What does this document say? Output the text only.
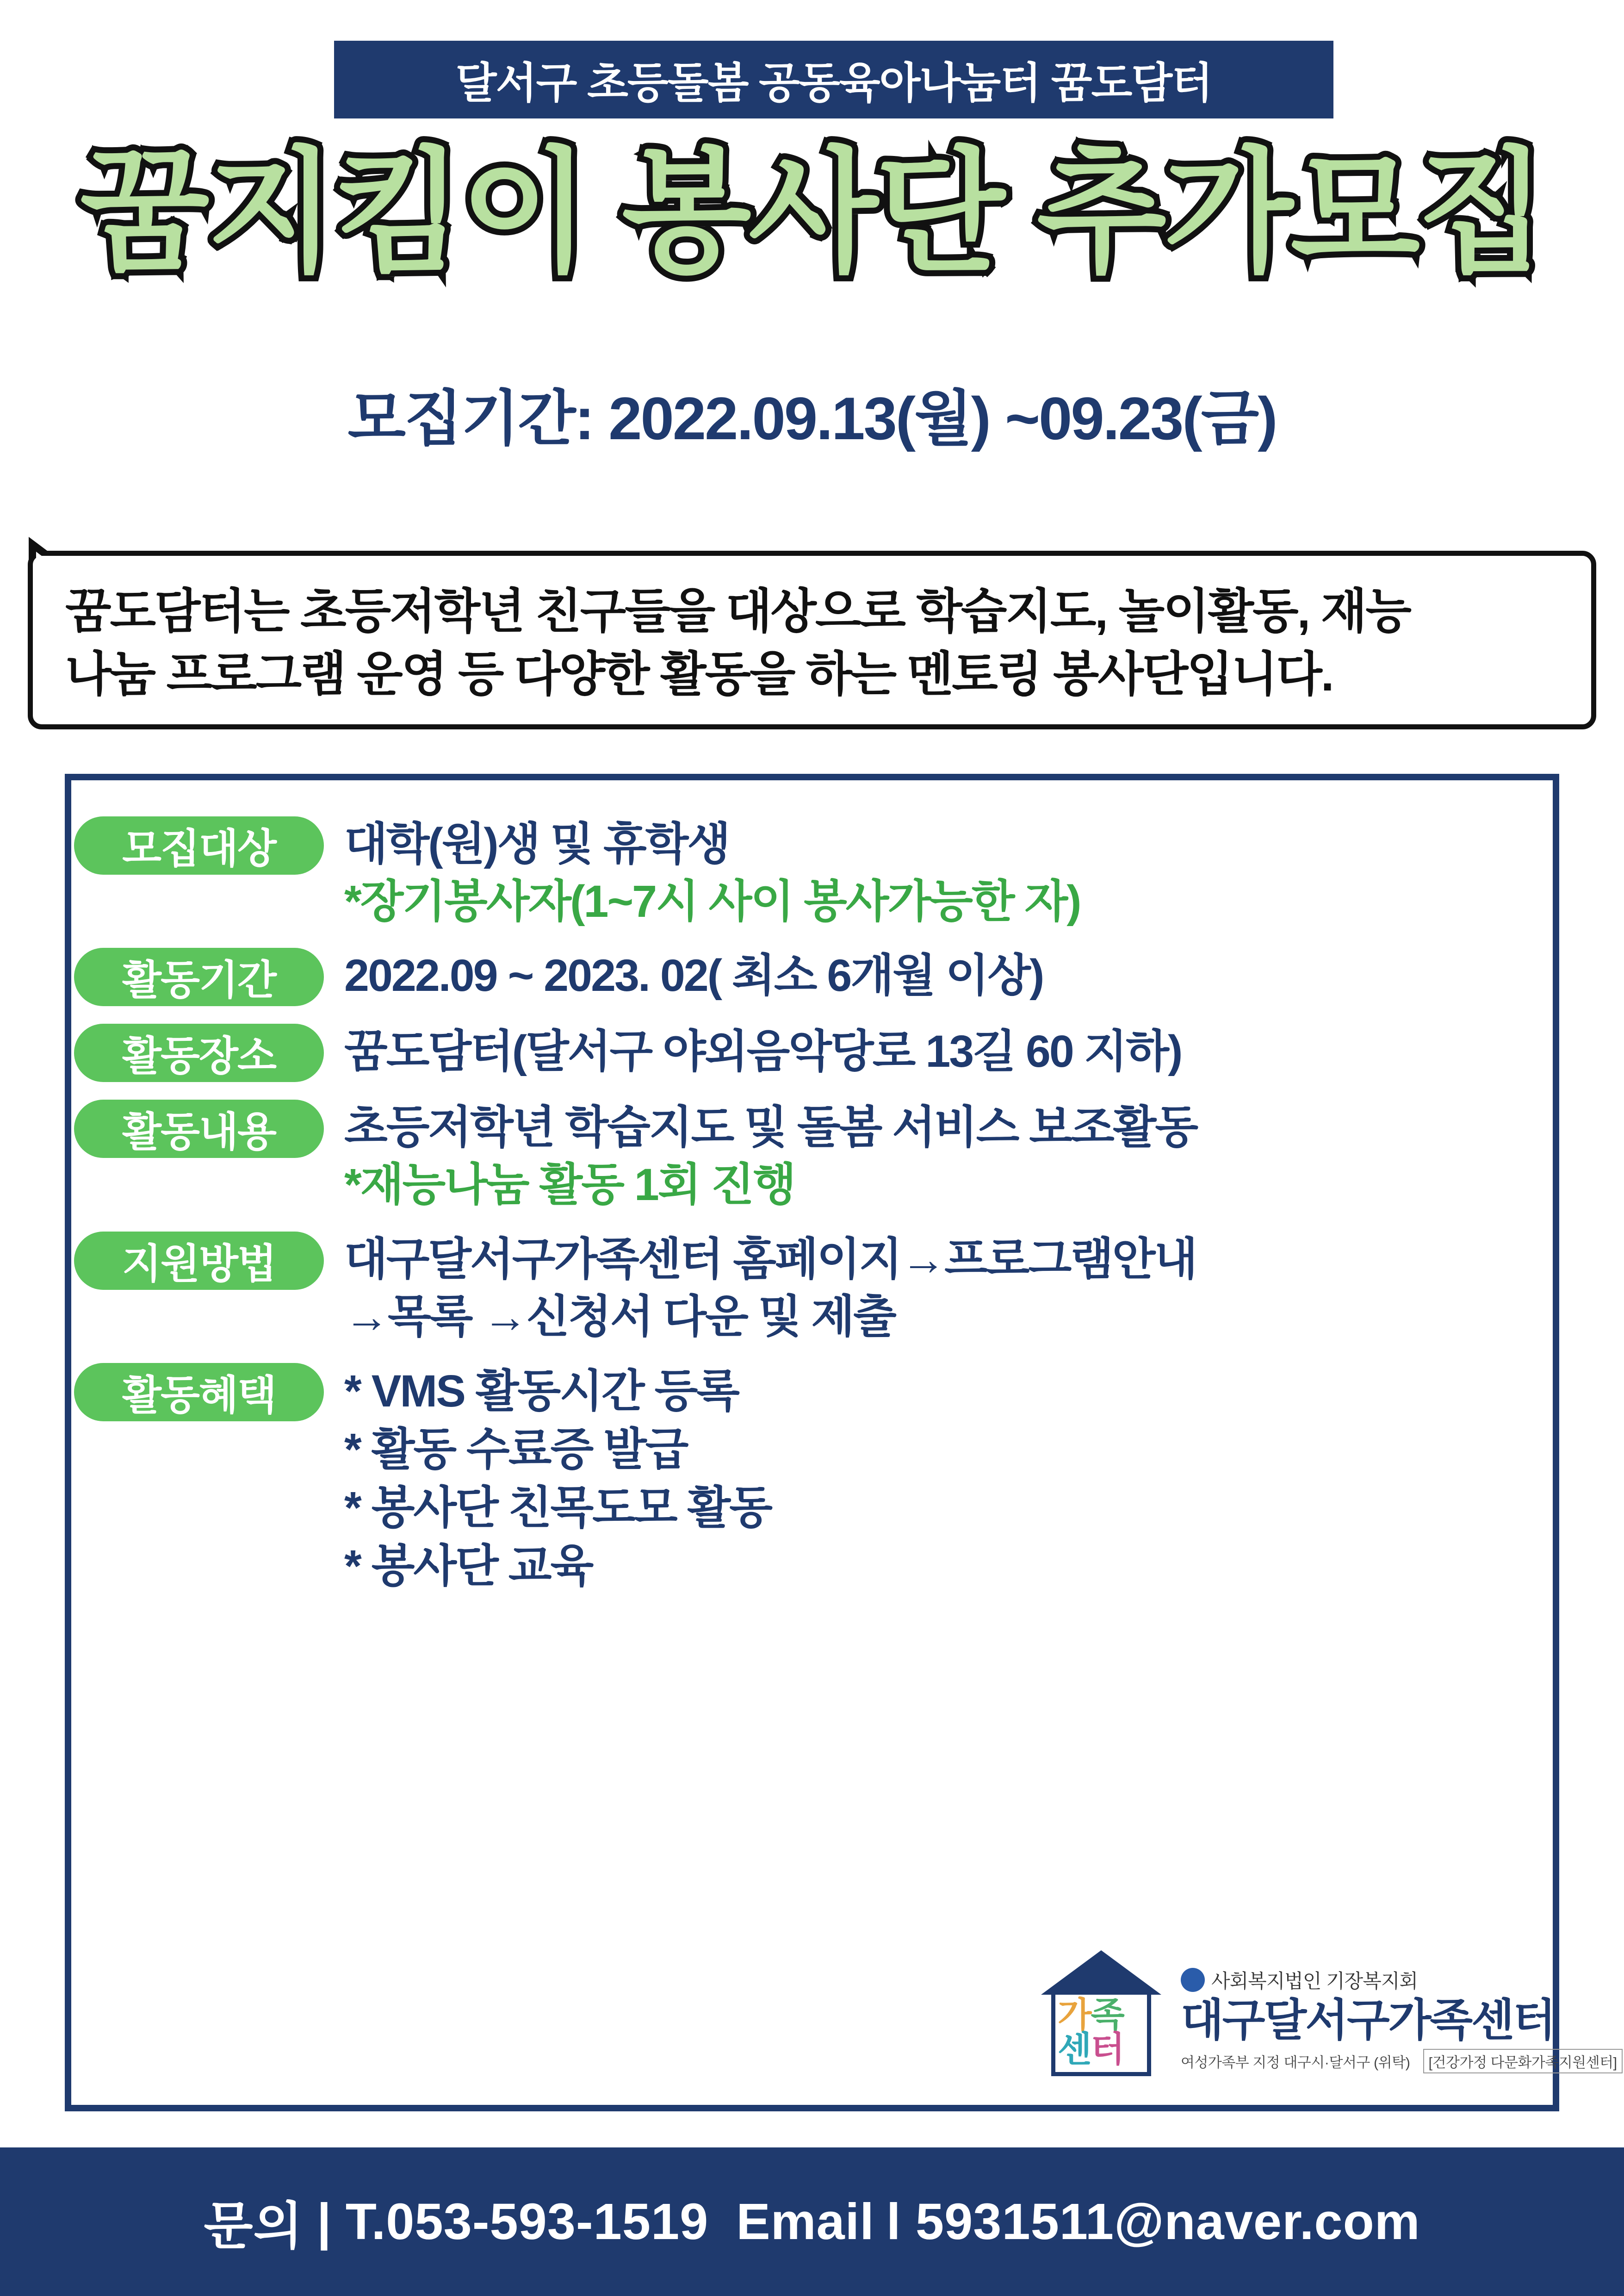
달서구 초등돌봄 공동육아나눔터 꿈도담터
꿈지킴이 봉사단 추가모집
모집기간: 2022.09.13(월) ~09.23(금)
꿈도담터는 초등저학년 친구들을 대상으로 학습지도, 놀이활동, 재능
나눔 프로그램 운영 등 다양한 활동을 하는 멘토링 봉사단입니다.
모집대상	대학(원)생 및 휴학생
*장기봉사자(1~7시 사이 봉사가능한 자)
활동기간	2022.09 ~ 2023. 02( 최소 6개월 이상)
활동장소	꿈도담터(달서구 야외음악당로 13길 60 지하)
활동내용	초등저학년 학습지도 및 돌봄 서비스 보조활동
*재능나눔 활동 1회 진행
지원방법	대구달서구가족센터 홈페이지→프로그램안내
→목록 →신청서 다운 및 제출
활동혜택	* VMS 활동시간 등록
* 활동 수료증 발급
* 봉사단 친목도모 활동
* 봉사단 교육
가족
센터
사회복지법인 기장복지회
대구달서구가족센터
여성가족부 지정 대구시·달서구 (위탁)	[건강가정 다문화가족지원센터]
문의 | T.053-593-1519 Email l 5931511@naver.com
